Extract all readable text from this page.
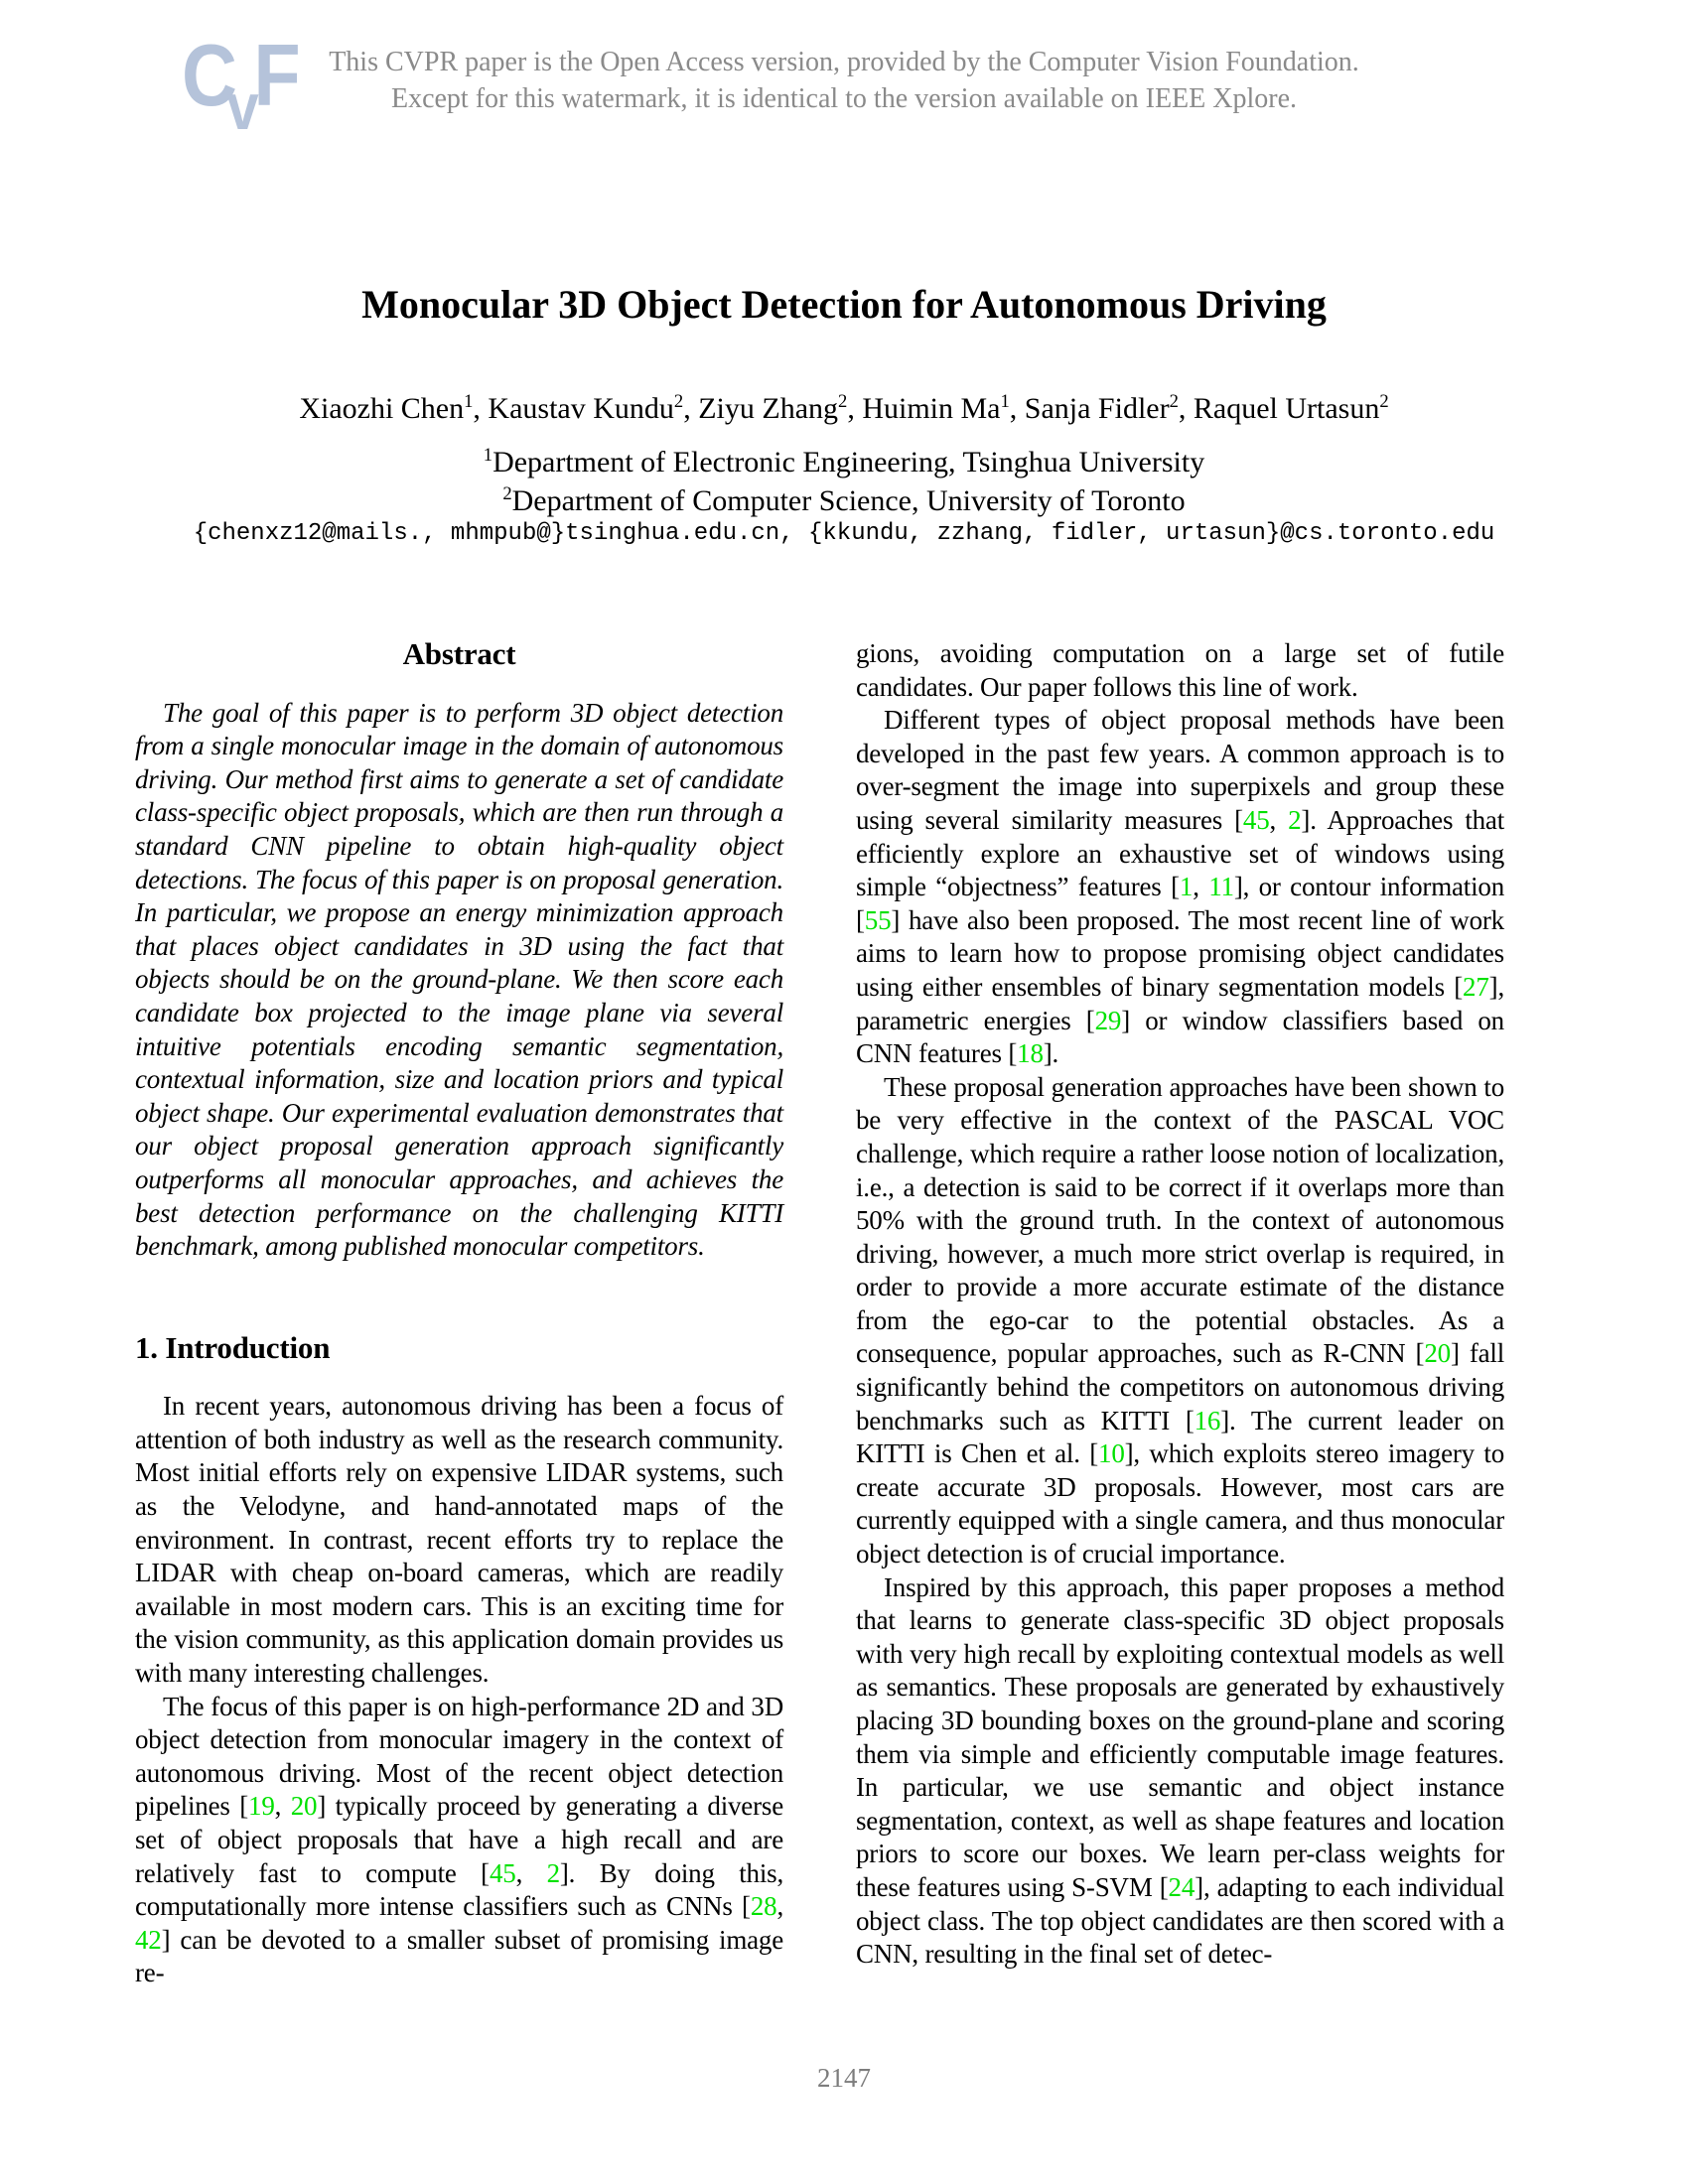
CvF	This CVPR paper is the Open Access version, provided by the Computer Vision Foundation.
Except for this watermark, it is identical to the version available on IEEE Xplore.
Monocular 3D Object Detection for Autonomous Driving
Xiaozhi Chen$^1$, Kaustav Kundu$^2$, Ziyu Zhang$^2$, Huimin Ma$^1$, Sanja Fidler$^2$, Raquel Urtasun$^2$
$^1$Department of Electronic Engineering, Tsinghua University
$^2$Department of Computer Science, University of Toronto
{chenxz12@mails., mhmpub@}tsinghua.edu.cn, {kkundu, zzhang, fidler, urtasun}@cs.toronto.edu
Abstract

The goal of this paper is to perform 3D object detection from a single monocular image in the domain of autonomous driving. Our method first aims to generate a set of candidate class-specific object proposals, which are then run through a standard CNN pipeline to obtain high-quality object detections. The focus of this paper is on proposal generation. In particular, we propose an energy minimization approach that places object candidates in 3D using the fact that objects should be on the ground-plane. We then score each candidate box projected to the image plane via several intuitive potentials encoding semantic segmentation, contextual information, size and location priors and typical object shape. Our experimental evaluation demonstrates that our object proposal generation approach significantly outperforms all monocular approaches, and achieves the best detection performance on the challenging KITTI benchmark, among published monocular competitors.

1. Introduction

In recent years, autonomous driving has been a focus of attention of both industry as well as the research community. Most initial efforts rely on expensive LIDAR systems, such as the Velodyne, and hand-annotated maps of the environment. In contrast, recent efforts try to replace the LIDAR with cheap on-board cameras, which are readily available in most modern cars. This is an exciting time for the vision community, as this application domain provides us with many interesting challenges.

The focus of this paper is on high-performance 2D and 3D object detection from monocular imagery in the context of autonomous driving. Most of the recent object detection pipelines [19, 20] typically proceed by generating a diverse set of object proposals that have a high recall and are relatively fast to compute [45, 2]. By doing this, computationally more intense classifiers such as CNNs [28, 42] can be devoted to a smaller subset of promising image re-

gions, avoiding computation on a large set of futile candidates. Our paper follows this line of work.

Different types of object proposal methods have been developed in the past few years. A common approach is to over-segment the image into superpixels and group these using several similarity measures [45, 2]. Approaches that efficiently explore an exhaustive set of windows using simple “objectness” features [1, 11], or contour information [55] have also been proposed. The most recent line of work aims to learn how to propose promising object candidates using either ensembles of binary segmentation models [27], parametric energies [29] or window classifiers based on CNN features [18].

These proposal generation approaches have been shown to be very effective in the context of the PASCAL VOC challenge, which require a rather loose notion of localization, i.e., a detection is said to be correct if it overlaps more than 50% with the ground truth. In the context of autonomous driving, however, a much more strict overlap is required, in order to provide a more accurate estimate of the distance from the ego-car to the potential obstacles. As a consequence, popular approaches, such as R-CNN [20] fall significantly behind the competitors on autonomous driving benchmarks such as KITTI [16]. The current leader on KITTI is Chen et al. [10], which exploits stereo imagery to create accurate 3D proposals. However, most cars are currently equipped with a single camera, and thus monocular object detection is of crucial importance.

Inspired by this approach, this paper proposes a method that learns to generate class-specific 3D object proposals with very high recall by exploiting contextual models as well as semantics. These proposals are generated by exhaustively placing 3D bounding boxes on the ground-plane and scoring them via simple and efficiently computable image features. In particular, we use semantic and object instance segmentation, context, as well as shape features and location priors to score our boxes. We learn per-class weights for these features using S-SVM [24], adapting to each individual object class. The top object candidates are then scored with a CNN, resulting in the final set of detec-

2147
